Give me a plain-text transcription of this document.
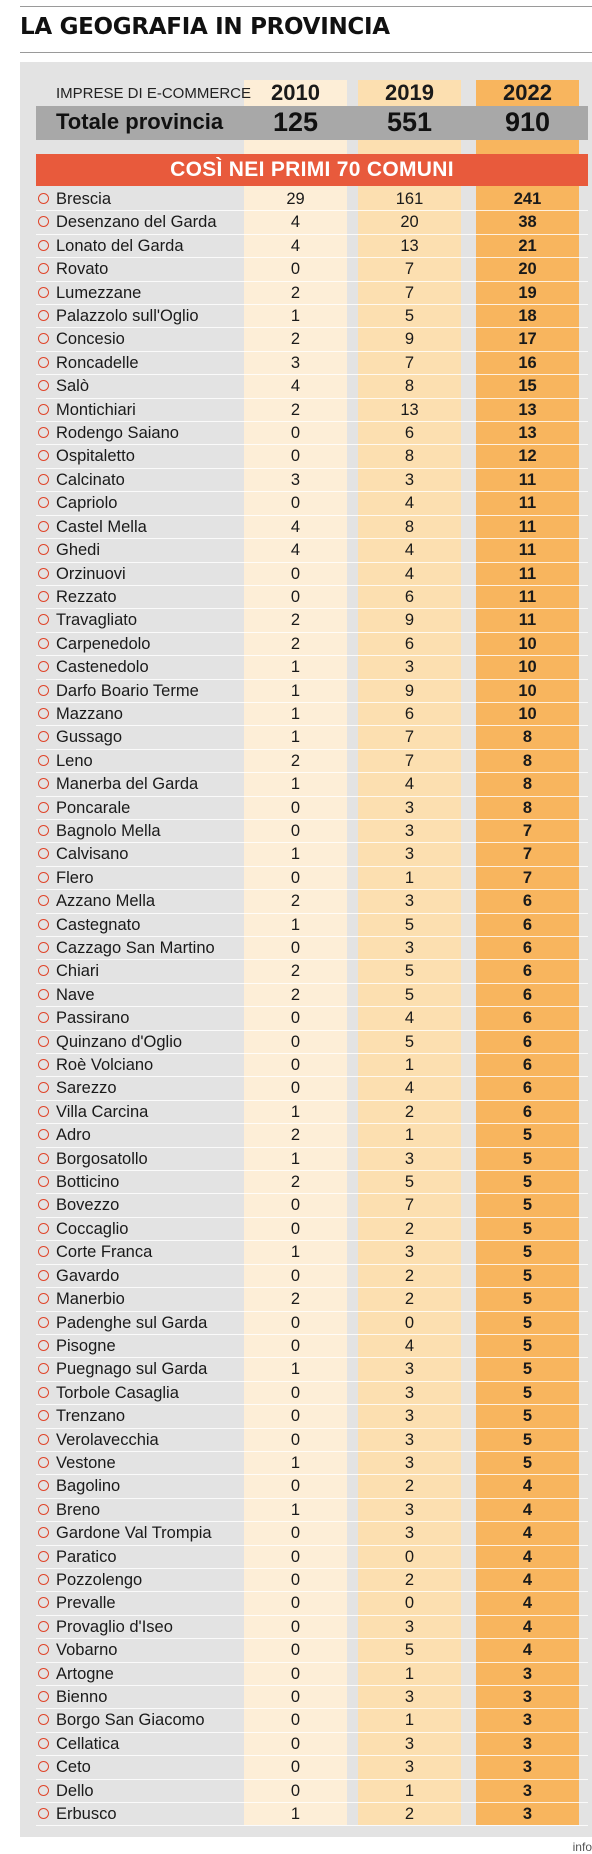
LA GEOGRAFIA IN PROVINCIA
IMPRESE DI E-COMMERCE 2010	2019	2022
Totale provincia	125	551	910
COSÌ NEI PRIMI 70 COMUNI
Brescia	29	161	241
Desenzano del Garda	4	20	38
Lonato del Garda	4	13	21
Rovato	0	7	20
Lumezzane	2	7	19
Palazzolo sull'Oglio	1	5	18
Concesio	2	9	17
Roncadelle	3	7	16
Salò	4	8	15
Montichiari	2	13	13
Rodengo Saiano	0	6	13
Ospitaletto	0	8	12
Calcinato	3	3	11
Capriolo	0	4	11
Castel Mella	4	8	11
Ghedi	4	4	11
Orzinuovi	0	4	11
Rezzato	0	6	11
Travagliato	2	9	11
Carpenedolo	2	6	10
Castenedolo	1	3	10
Darfo Boario Terme	1	9	10
Mazzano	1	6	10
Gussago	1	7	8
Leno	2	7	8
Manerba del Garda	1	4	8
Poncarale	0	3	8
Bagnolo Mella	0	3	7
Calvisano	1	3	7
Flero	0	1	7
Azzano Mella	2	3	6
Castegnato	1	5	6
Cazzago San Martino	0	3	6
Chiari	2	5	6
Nave	2	5	6
Passirano	0	4	6
Quinzano d'Oglio	0	5	6
Roè Volciano	0	1	6
Sarezzo	0	4	6
Villa Carcina	1	2	6
Adro	2	1	5
Borgosatollo	1	3	5
Botticino	2	5	5
Bovezzo	0	7	5
Coccaglio	0	2	5
Corte Franca	1	3	5
Gavardo	0	2	5
Manerbio	2	2	5
Padenghe sul Garda	0	0	5
Pisogne	0	4	5
Puegnago sul Garda	1	3	5
Torbole Casaglia	0	3	5
Trenzano	0	3	5
Verolavecchia	0	3	5
Vestone	1	3	5
Bagolino	0	2	4
Breno	1	3	4
Gardone Val Trompia	0	3	4
Paratico	0	0	4
Pozzolengo	0	2	4
Prevalle	0	0	4
Provaglio d'Iseo	0	3	4
Vobarno	0	5	4
Artogne	0	1	3
Bienno	0	3	3
Borgo San Giacomo	0	1	3
Cellatica	0	3	3
Ceto	0	3	3
Dello	0	1	3
Erbusco	1	2	3
info
